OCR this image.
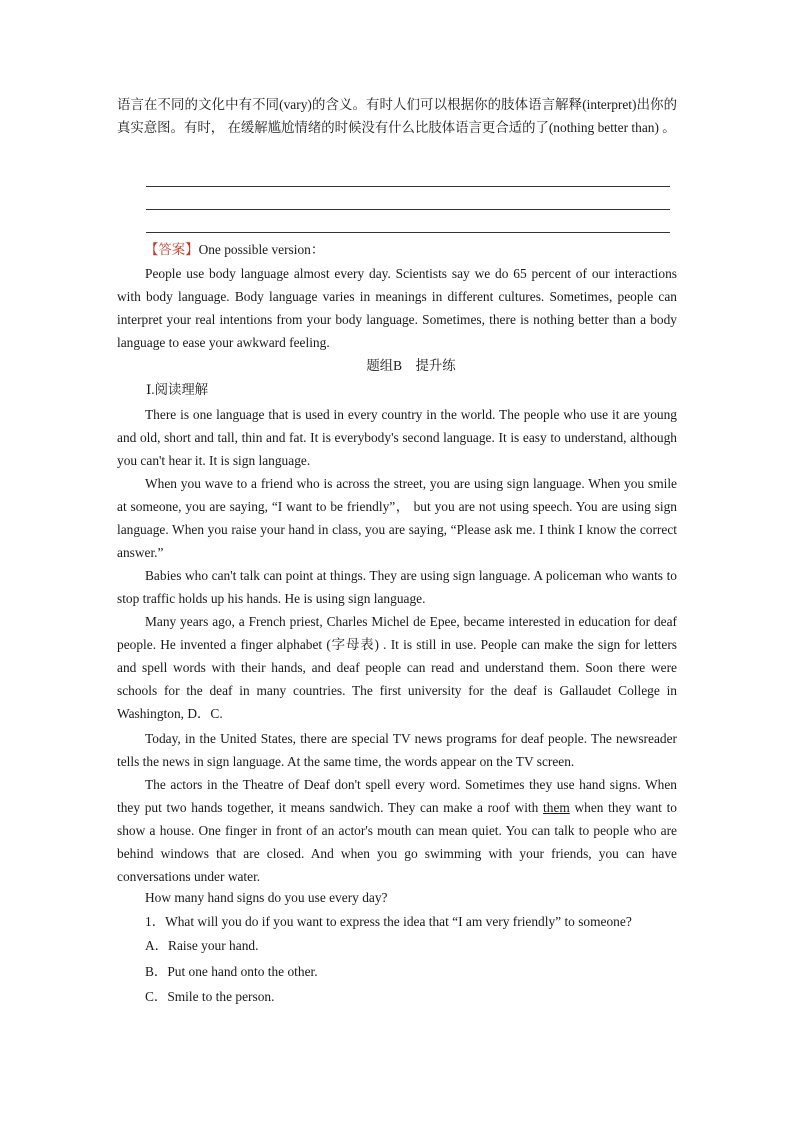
语言在不同的文化中有不同(vary)的含义。有时人们可以根据你的肢体语言解释(interpret)出你的真实意图。有时， 在缓解尴尬情绪的时候没有什么比肢体语言更合适的了(nothing better than) 。

【答案】One possible version：

People use body language almost every day. Scientists say we do 65 percent of our interactions with body language. Body language varies in meanings in different cultures. Sometimes, people can interpret your real intentions from your body language. Sometimes, there is nothing better than a body language to ease your awkward feeling.

题组B　提升练

Ⅰ.阅读理解

There is one language that is used in every country in the world. The people who use it are young and old, short and tall, thin and fat. It is everybody's second language. It is easy to understand, although you can't hear it. It is sign language.

When you wave to a friend who is across the street, you are using sign language. When you smile at someone, you are saying, “I want to be friendly”， but you are not using speech. You are using sign language. When you raise your hand in class, you are saying, “Please ask me. I think I know the correct answer.”

Babies who can't talk can point at things. They are using sign language. A policeman who wants to stop traffic holds up his hands. He is using sign language.

Many years ago, a French priest, Charles Michel de Epee, became interested in education for deaf people. He invented a finger alphabet (字母表) . It is still in use. People can make the sign for letters and spell words with their hands, and deaf people can read and understand them. Soon there were schools for the deaf in many countries. The first university for the deaf is Gallaudet College in Washington, D．C.

Today, in the United States, there are special TV news programs for deaf people. The newsreader tells the news in sign language. At the same time, the words appear on the TV screen.

The actors in the Theatre of Deaf don't spell every word. Sometimes they use hand signs. When they put two hands together, it means sandwich. They can make a roof with them when they want to show a house. One finger in front of an actor's mouth can mean quiet. You can talk to people who are behind windows that are closed. And when you go swimming with your friends, you can have conversations under water.

How many hand signs do you use every day?

1．What will you do if you want to express the idea that “I am very friendly” to someone?

A．Raise your hand.

B．Put one hand onto the other.

C．Smile to the person.
